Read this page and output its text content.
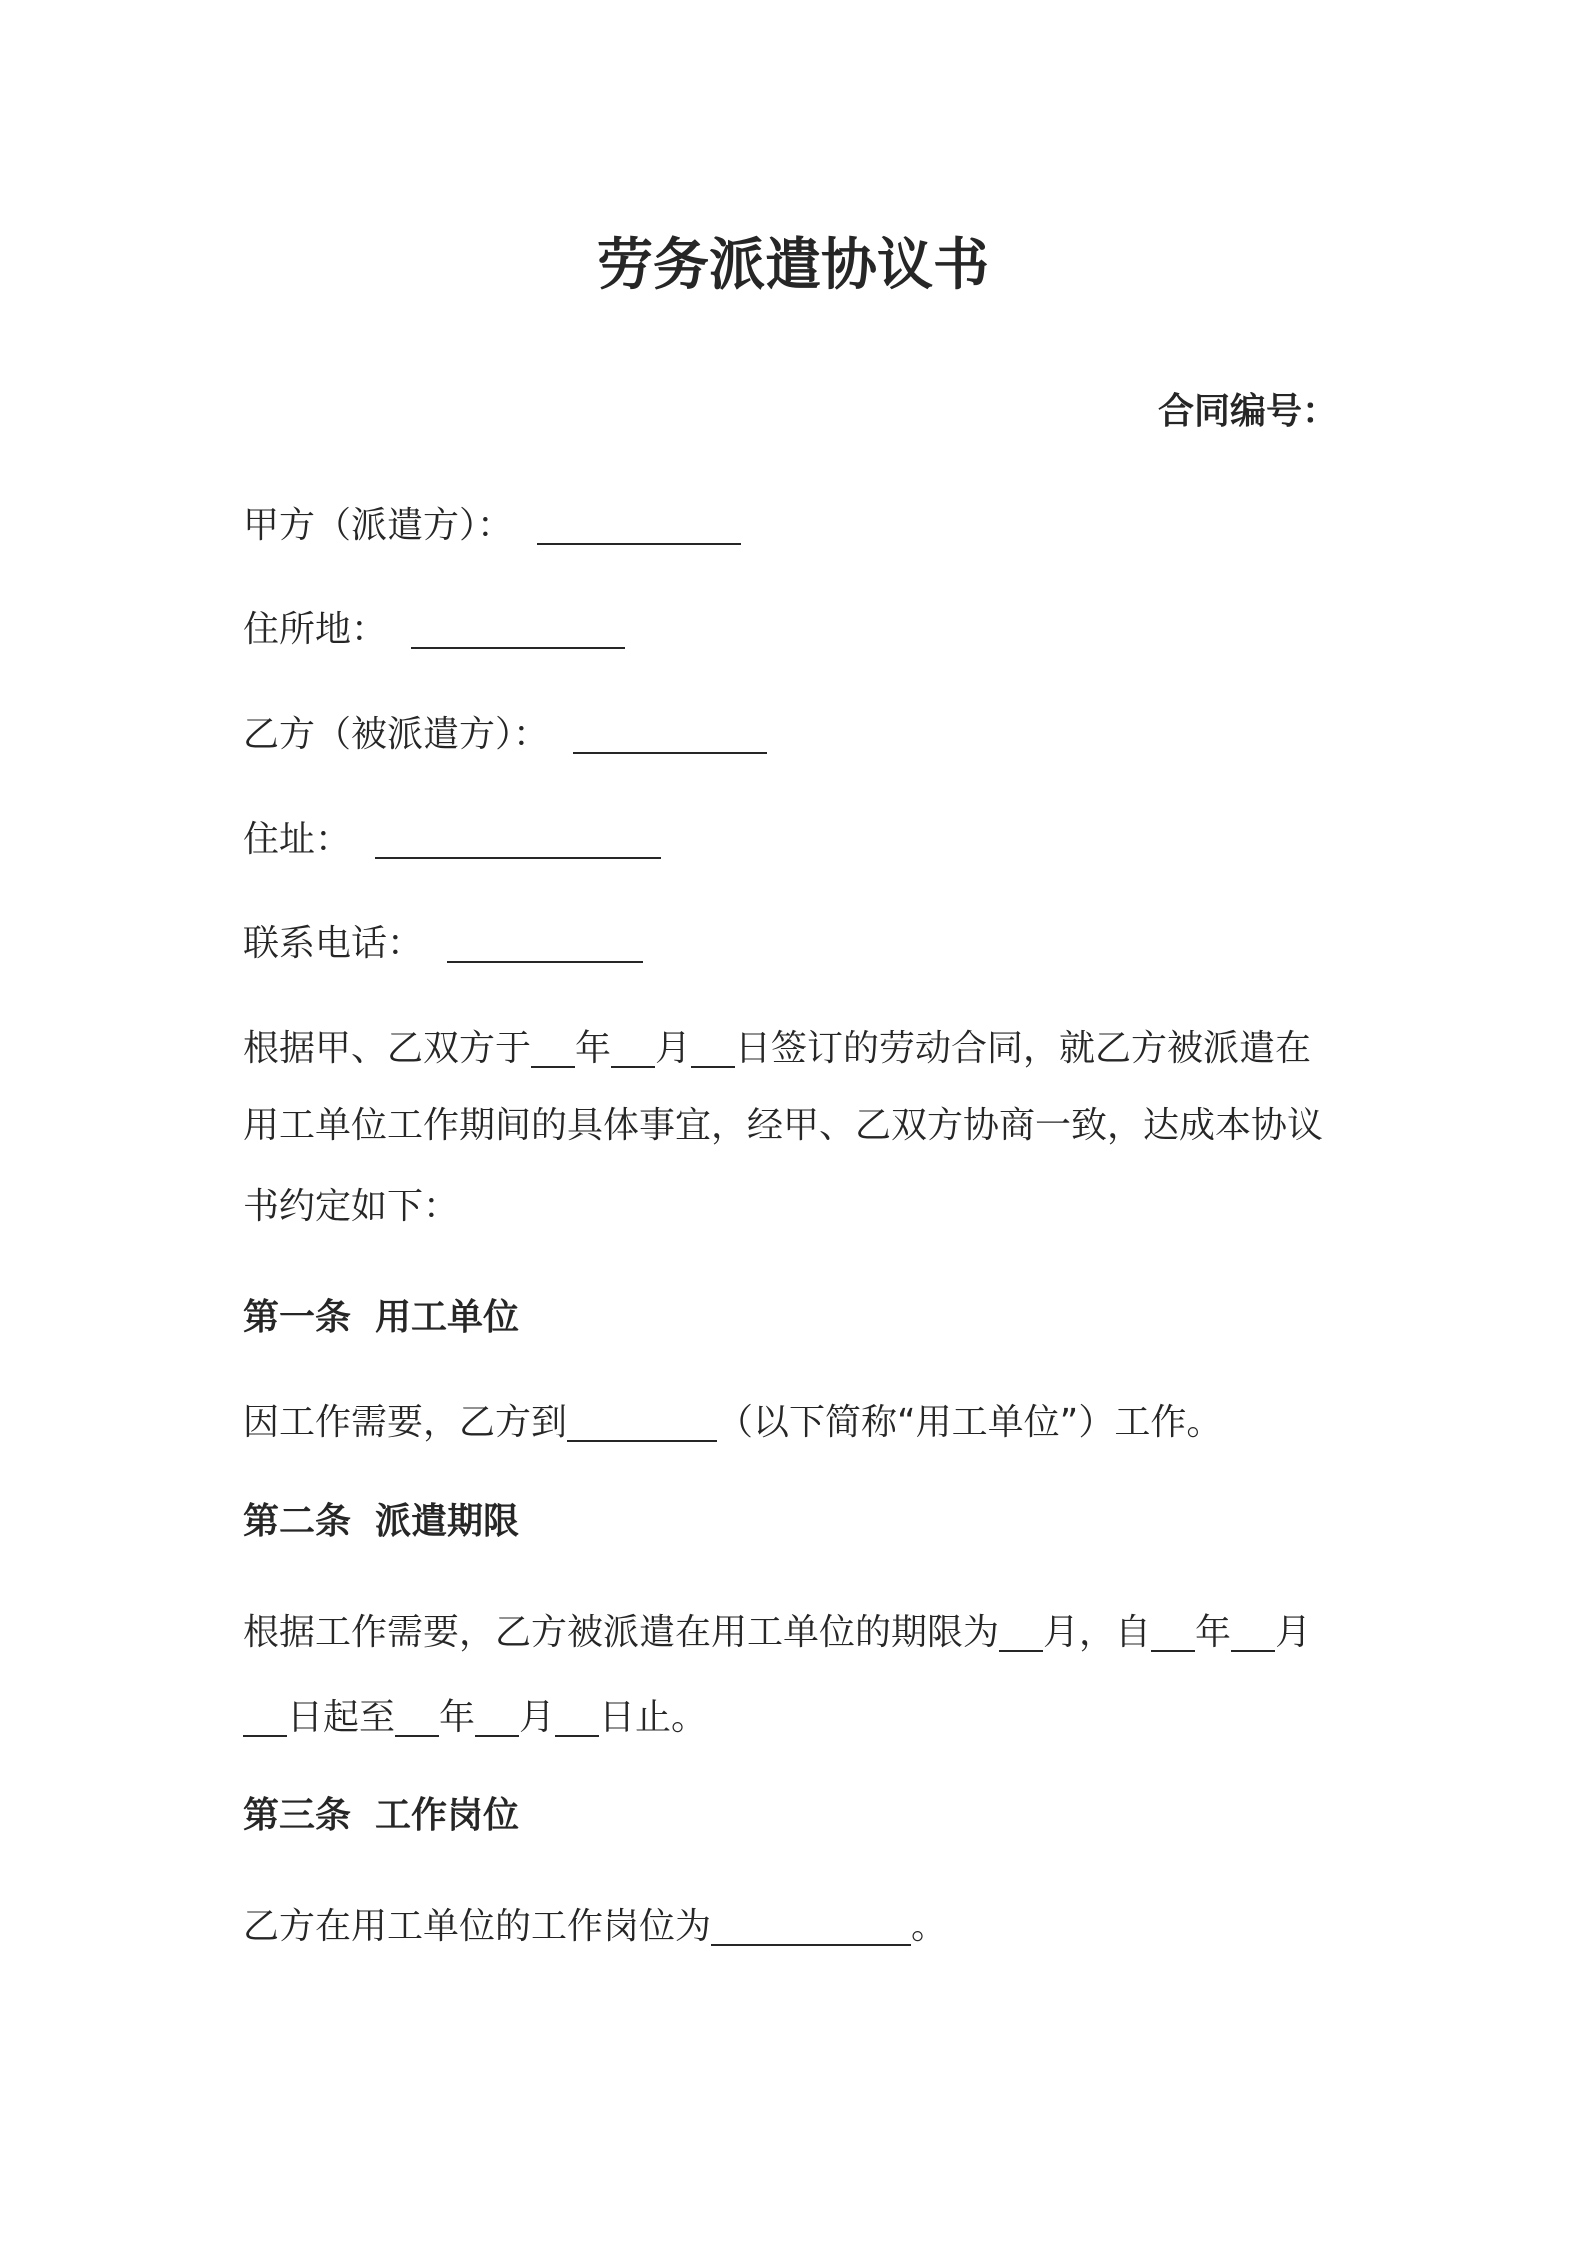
劳务派遣协议书
合同编号：
甲方（派遣方）：
住所地：
乙方（被派遣方）：
住址：
联系电话：
根据甲、乙双方于 年 月 日签订的劳动合同，就乙方被派遣在
用工单位工作期间的具体事宜，经甲、乙双方协商一致，达成本协议
书约定如下：
第一条 用工单位
因工作需要，乙方到	（以下简称“用工单位”）工作。
第二条 派遣期限
根据工作需要，乙方被派遣在用工单位的期限为 月，自 年 月
日起至 年 月 日止。
第三条 工作岗位
乙方在用工单位的工作岗位为	。
